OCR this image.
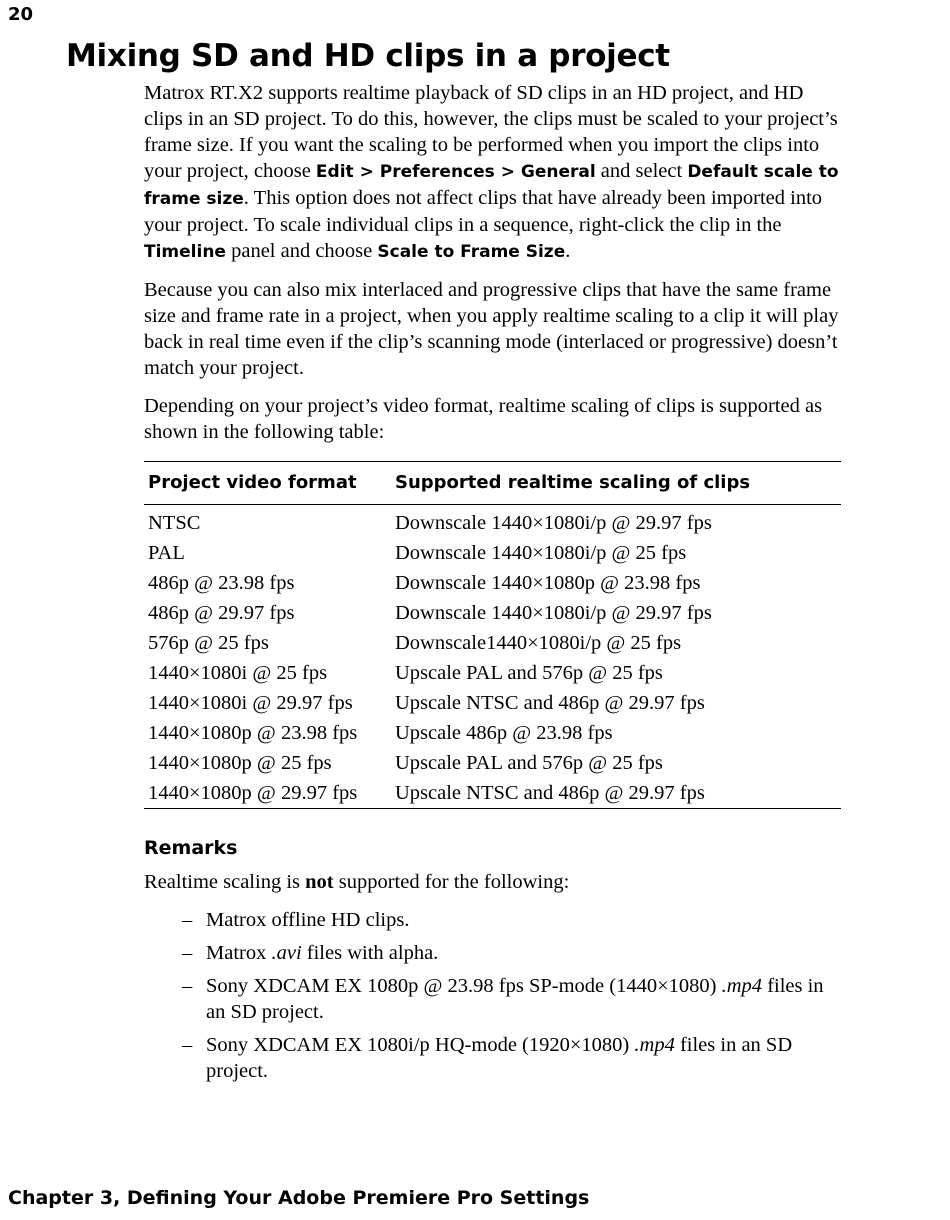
20
Mixing SD and HD clips in a project

Matrox RT.X2 supports realtime playback of SD clips in an HD project, and HD clips in an SD project. To do this, however, the clips must be scaled to your project’s frame size. If you want the scaling to be performed when you import the clips into your project, choose Edit > Preferences > General and select Default scale to frame size. This option does not affect clips that have already been imported into your project. To scale individual clips in a sequence, right-click the clip in the Timeline panel and choose Scale to Frame Size.

Because you can also mix interlaced and progressive clips that have the same frame size and frame rate in a project, when you apply realtime scaling to a clip it will play back in real time even if the clip’s scanning mode (interlaced or progressive) doesn’t match your project.

Depending on your project’s video format, realtime scaling of clips is supported as shown in the following table:

Project video format	Supported realtime scaling of clips
NTSC	Downscale 1440×1080i/p @ 29.97 fps
PAL	Downscale 1440×1080i/p @ 25 fps
486p @ 23.98 fps	Downscale 1440×1080p @ 23.98 fps
486p @ 29.97 fps	Downscale 1440×1080i/p @ 29.97 fps
576p @ 25 fps	Downscale1440×1080i/p @ 25 fps
1440×1080i @ 25 fps	Upscale PAL and 576p @ 25 fps
1440×1080i @ 29.97 fps	Upscale NTSC and 486p @ 29.97 fps
1440×1080p @ 23.98 fps	Upscale 486p @ 23.98 fps
1440×1080p @ 25 fps	Upscale PAL and 576p @ 25 fps
1440×1080p @ 29.97 fps	Upscale NTSC and 486p @ 29.97 fps
Remarks

Realtime scaling is not supported for the following:

– Matrox offline HD clips.
– Matrox .avi files with alpha.
– Sony XDCAM EX 1080p @ 23.98 fps SP-mode (1440×1080) .mp4 files in an SD project.
– Sony XDCAM EX 1080i/p HQ-mode (1920×1080) .mp4 files in an SD project.
Chapter 3, Defining Your Adobe Premiere Pro Settings
